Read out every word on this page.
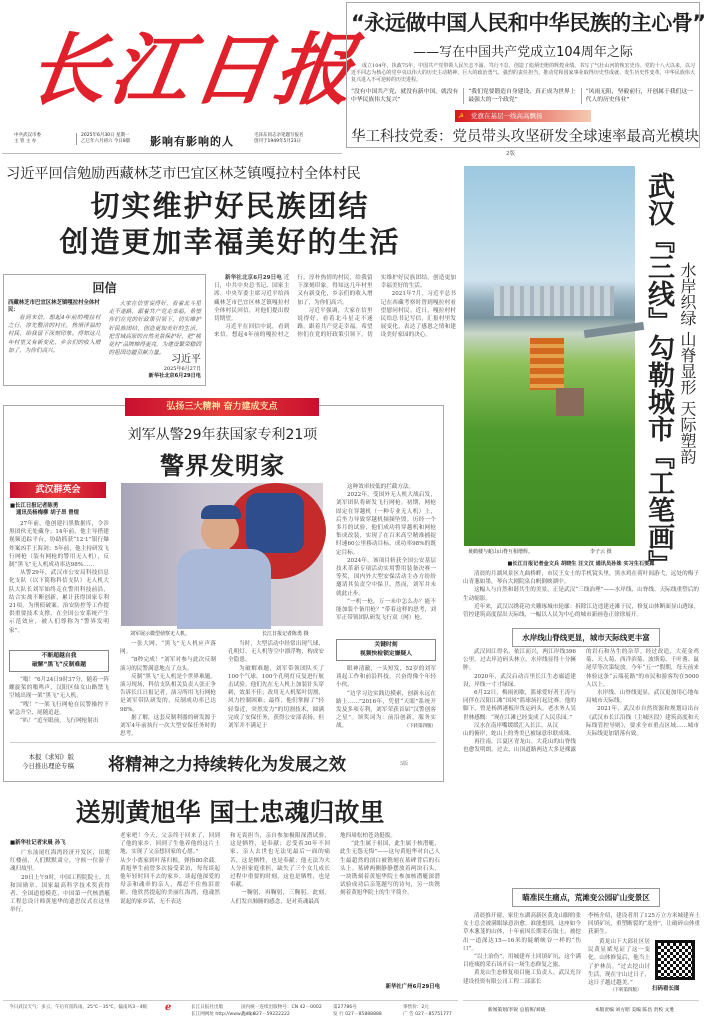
长江日报
中共武汉市委
主 管 主 办
2025年6月30日 星期一
乙巳年六月初六 今日8版 影响有影响的人	毛泽东同志亲笔题写报名
创刊于1949年5月23日
“永远做中国人民和中华民族的主心骨”
——写在中国共产党成立104周年之际
成立104年，执政75年，中国共产党带领人民矢志不渝、笃行不怠，创造了彪炳史册的辉煌业绩，书写了气壮山河的恢宏史诗。党的十八大以来，以习近平同志为核心的党中央以伟大的历史主动精神、巨大的政治勇气、强烈的责任担当，推动党和国家事业取得历史性成就、发生历史性变革，中华民族伟大复兴进入不可逆转的历史进程。
“没有中国共产党，就没有新中国，就没有中华民族伟大复兴”
“我们党要锻造自身建设，真正成为世界上最强大的一个政党”
“风雨无阻，坚毅前行，开创属于我们这一代人的历史伟业”
☭ 党旗在基层一线高高飘扬
华工科技党委：党员带头攻坚研发全球速率最高光模块
2版
习近平回信勉励西藏林芝市巴宜区林芝镇嘎拉村全体村民
切实维护好民族团结
创造更加幸福美好的生活
回信
西藏林芝市巴宜区林芝镇嘎拉村全体村民：
看到来信，想起4年前的嘎拉村之行，淳先整洁的村庄，热情洋溢的村民，给我留下深刻印象。得知这几年村里又有新变化，乡亲们的收入增加了，为你们高兴。
大家在信里说得好，看着北斗星走不迷路，跟着共产党走幸福。希望你们在党的好政策引领下，切实维护好民族团结，创造更加美好的生活，把雪域高原的自然美景保护好，把“桃花村”品牌擦得更亮，为建设繁荣稳固的祖国边疆贡献力量。
习近平
2025年6月27日
新华社北京6月29日电

新华社北京6月29日电 近日，中共中央总书记、国家主席、中央军委主席习近平给西藏林芝市巴宜区林芝镇嘎拉村全体村民回信，对他们提出殷切期望。

习近平在回信中说，看到来信，想起4年前的嘎拉村之行，淳朴热情的村民，给我留下深刻印象。得知这几年村里又有新变化，乡亲们的收入增加了，为你们高兴。

习近平强调，大家在信里说得好，看着北斗星走不迷路，跟着共产党走幸福。希望你们在党的好政策引领下，切实维护好民族团结，创造更加幸福美好的生活。

2021年7月，习近平总书记在西藏考察时曾到嘎拉村看望慰问村民。近日，嘎拉村村民给总书记写信，汇报村里发展变化，表达了感恩之情和建设美好家园的决心。

弘扬三大精神 奋力建成支点
刘军从警29年获国家专利21项
警界发明家
武汉群英会
■长江日报记者陈勇
通讯员杨梅柳 胡子昂 曾煜

27年前，他创建扫黑数据库，令涉黑团伙无处藏身；14年前，他主导搭建视频追踪平台，协助抓获“12·1”银行爆炸案凶手王海剑；5年前，他主持研发飞行网枪（装有网枪的警用无人机），反制“黑飞”无人机成功率达98%……

从警29年，武汉市公安局科技信息化支队（以下简称科信支队）无人机大队大队长刘军始终走在警用科技前沿，结合实战不断创新，累计获得国家专利21项，为刑侦破案、治安防控等工作提供重要技术支撑，在全国公安系统产生示范效应，被人们尊称为“警界发明家”。

不断超越自我
破解“黑飞”反制难题

“嗡！”6月24日9时37分，随着一阵螺旋桨的嗡鸣声，汉阳区仙女山路禁飞空域出现一架“黑飞”无人机。

“嗖！”一架飞行网枪在民警操控下紧急升空，尾随追赶。

“叭！”追至眼前，飞行网枪射出

刘军展示微型侦察无人机。	长江日报记者陈勇 摄

一张大网，“黑飞”无人机应声落网。

“8秒完成！”刘军对参与此次反制演习的民警满意地点了点头。

反制“黑飞”无人机是个世界难题。演习现场，科信支队相关负责人张正争告诉长江日报记者，演习所用飞行网枪是刘军带队研发的，反制成功率已达98%。

据了解，这套反制利器的研发源于刘军4年前执行一次大型安保任务时的思考。

当时，大型活动中经常出现气球、孔明灯、无人机等空中漂浮物，构成安全隐患。

为破解难题，刘军带领团队买了100个气球、100个孔明灯反复进行航击试验。他们先在无人机上加装针头穿刺，效果不佳；改用无人机桨叶切割，风力控制困难；最终，他们掌握了“轻轻靠近，突然发力”的切割技术，圆满完成了安保任务，获得公安部表扬。但刘军并不满足于

这种效率较低的拦截方法。

2022年，受国外无人机大战启发，刘军团队将研发飞行网枪。初期，网枪固定在穿越机（一种专业无人机）上，后坐力导致穿越机频频坠毁。历经一个多月的试验，他们成功将穿越机和网枪集成改装，实现了在百米高空精准捕捉时速60公里移动目标，成功率98%的既定目标。

2024年，该项目斩获全国公安基层技术革新专项活动实用警用装备决赛一等奖，国内外大型安保活动主办方纷纷邀请其负责空中保卫。然而，刘军并未就此止步。

“一机一枪，万一未中怎么办？能不能加装个备用枪？”带着这样的思考，刘军正带领团队研发飞行双（网）枪。

关键时刻
视频快检锁定嫌疑人

眼神清澈，一头短发，52岁的刘军谈起工作和前沿科技，兴奋得像个年轻小伙。

“边学习边实践边摸索，创新永远在路上……”2016年，凭借“天眼”系统开发及多项专利，刘军荣获首届“汉警创客之星”。领奖词为：前沿创新，服务实战。	（下转第四版）
本报《求知》版
今日推出理论专稿 将精神之力持续转化为发展之效	5版
送别黄旭华 国士忠魂归故里
■新华社记者宋晨 孙飞

广东汕尾红海湾经济开发区，田墘红楼前，人们默默肃立，守候一位游子魂归故里。

29日上午9时，中国工程院院士、共和国勋章、国家最高科学技术奖获得者、全国道德模范、中国第一代核潜艇工程总设计师黄旭华的遗思仪式在这里举行。

老家吧！今天，父亲终于回来了，回到了他的家乡，回到了生他养他的这片土地，实现了父亲想回家的心愿。”

从少小离家到叶落归根，弹指80余载。黄旭华生前曾多次接受采访，每每谈起他年轻时回不去的家乡，谈起他深爱的母亲和魂牵的亲人，都忍不住热泪盈眶。他欣然提起的美丽红海湾，他魂然说起的家乡话，无不表达

和无畏担当，亲自参加极限深潜试验，这是牺牲，是奉献；忍受着30年不回家，亲人去世也无法见最后一面的痛苦，这是牺牲，也是奉献；他无法为夫人分担家庭重担，缺失了三个女儿成长过程中重要的时刻，这也是牺牲，也是奉献。

一鞠躬，再鞠躬，三鞠躬。此刻，人们发自肺腑的感念，是对英魂最高

地四周松柏苍劲挺拔。

“此生属于祖国，此生属于核潜艇，此生无怨无悔”——这句黄旭华对自己人生最超然的剖白被镌刻在墓碑背后的石头上。墓碑两侧静静摆放着两块石头，一块镌刻着黄旭华院士参加核潜艇深潜试验成功后亲笔题写的诗句，另一块镌刻着黄旭华院士的生平简介。

新华社广州6月29日电
黄鹤楼与蛇山山脊互相增辉。	李子云 摄 武汉『三线』勾勒城市『工笔画』 水岸织绿 山脊显形 天际塑韵
■长江日报记者金文兵 胡晓生 汪文汉 通讯员孙姝 实习生石雯露

清晨的月湖风景区九曲桥畔，市民王女士的手机镜头里，黑水鸡在荷叶间游弋，远处的梅子山青葱如墨，琴台大剧院泉白帆倒映湖中。

这幅人与自然和谐共生的美景，正是武汉“三线治理”——水岸线、山脊线、天际线重塑后的生动缩影。

近年来，武汉以绣花功夫雕琢城市轮廓：拆除江边违建还滩于民，修复山体断面显山透绿，管控建筑高度留出天际线，一幅以人民为中心的城市新画卷正徐徐展开。

水岸线山脊线更显，城市天际线更丰富

武汉因江得名、依江而兴，两江岸线396公里。过去岸边码头林立，水岸线显得十分臃肿。

2020年，武汉启动百里长江生态廊道建设，岸线一寸寸绿绿。

6月22日，梅雨初歇，篮球爱好者王涛与同伴在汉阳江滩“国风”篮球场打起比赛。他的脚下，曾是杨泗港板岸货运码头。老水务人吴世林感慨：“现在江滩已经变成了人民乐园。”

汉水在南岸嘴缓缓汇入长江。从汉

山的俯岸，蛇山上的秀美已被绿意串联成珠。

再往南，江夏区青龙山、大花山的山脊线也愈发明朗。过去，山顶道路两边大多是裸露的岩石和丛生的杂草。经过改造，大花金鸡菊、天人菊、西洋滨菊、波斯菊、千叶蓍、鼠尾草等次第绽放。今年“五一”假期，每天前来体验这条“云端花路”的市民和游客均在5000人以上。

水岸线、山脊线更显，武汉更加用心地布局城市天际线。

2021年，武汉市自然资源和规划局出台《武汉市长江沿线（主城区段）建筑高度和天际线管控导则》，要求全市重点区域……城市天际线更加错落有致。

瞄准民生痛点，荒滩变公园矿山变景区

清晨推开窗，家住东湖高新区黄龙山脚的张女士总会被满眼绿意治愈。谁能想到，这座如今草木葱茏的山体，十年前因长期采石取土，被挖出一道深达15—16米的陡峭峡谷一样的“伤口”。

“以土治伤”，用城建弃土回填矿坑，这个满目疮痍的采石场开启一场生态修复之旅。

黄龙山生态修复项目施工负责人、武汉光谷建设投资有限公司工程二部部长

李杨介绍，建设者用了125万立方米城建弃土回填矿坑，重塑断裂的“龙骨”，让破碎山体重获新生。

黄龙山下大邱社区居民黄显斌见证了这一变化。山体修复后，他当上了护林员。“过去挖山讨生活，现在守山过日子，这日子越过越美。”

（下转第四版） 扫码看长图
新闻策划/李锐 总值班/刘晓	本版责编 刘方昭 美编 陈昌 责校 文胜
今日武汉天气：多云，午后有雷阵雨，25℃－35℃，偏南风3－4级 ℯ	长江日报社出版
长江网网址 http://www.cjn.cn
国内统一连续出版物号：CN 42－0002
热 线 027－59222222
第27786号
发 行 027－85888888
零售价：2元
广 告 027－85751777
